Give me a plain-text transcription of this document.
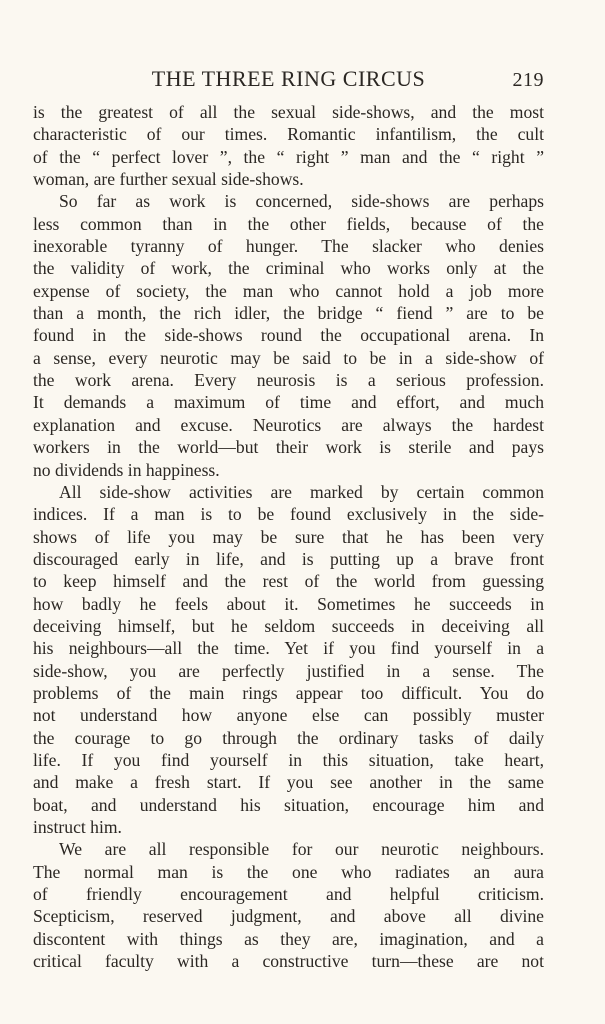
THE THREE RING CIRCUS	219
is the greatest of all the sexual side-shows, and the most
characteristic of our times. Romantic infantilism, the cult
of the “ perfect lover ”, the “ right ” man and the “ right ”
woman, are further sexual side-shows.
So far as work is concerned, side-shows are perhaps
less common than in the other fields, because of the
inexorable tyranny of hunger. The slacker who denies
the validity of work, the criminal who works only at the
expense of society, the man who cannot hold a job more
than a month, the rich idler, the bridge “ fiend ” are to be
found in the side-shows round the occupational arena. In
a sense, every neurotic may be said to be in a side-show of
the work arena. Every neurosis is a serious profession.
It demands a maximum of time and effort, and much
explanation and excuse. Neurotics are always the hardest
workers in the world—but their work is sterile and pays
no dividends in happiness.
All side-show activities are marked by certain common
indices. If a man is to be found exclusively in the side-
shows of life you may be sure that he has been very
discouraged early in life, and is putting up a brave front
to keep himself and the rest of the world from guessing
how badly he feels about it. Sometimes he succeeds in
deceiving himself, but he seldom succeeds in deceiving all
his neighbours—all the time. Yet if you find yourself in a
side-show, you are perfectly justified in a sense. The
problems of the main rings appear too difficult. You do
not understand how anyone else can possibly muster
the courage to go through the ordinary tasks of daily
life. If you find yourself in this situation, take heart,
and make a fresh start. If you see another in the same
boat, and understand his situation, encourage him and
instruct him.
We are all responsible for our neurotic neighbours.
The normal man is the one who radiates an aura
of friendly encouragement and helpful criticism.
Scepticism, reserved judgment, and above all divine
discontent with things as they are, imagination, and a
critical faculty with a constructive turn—these are not
